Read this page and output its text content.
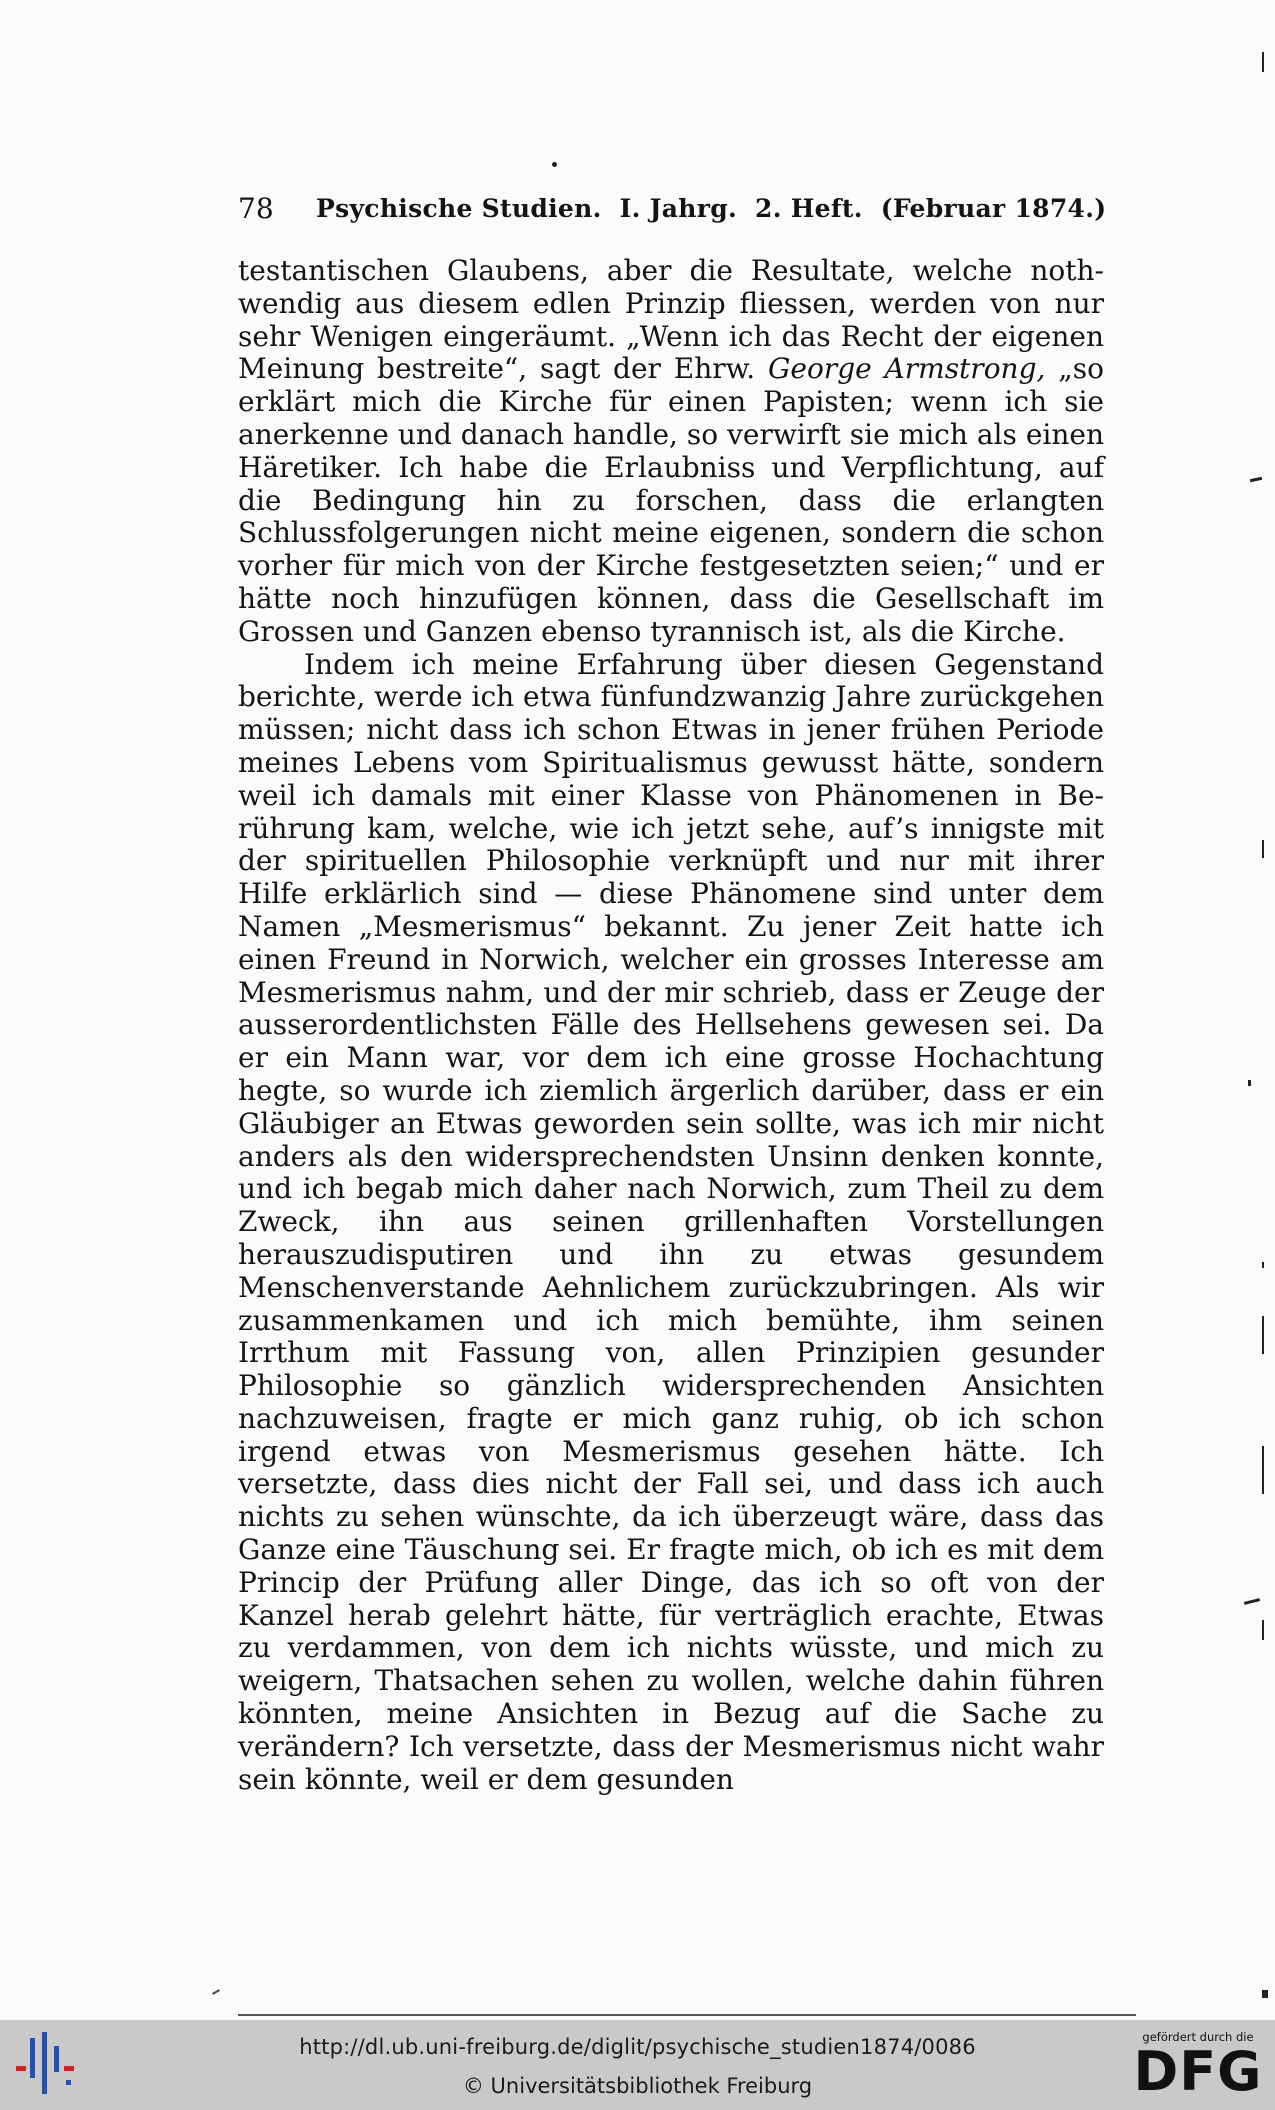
78 Psychische Studien.  I. Jahrg.  2. Heft.  (Februar 1874.)

testantischen Glaubens, aber die Resultate, welche nothwendig aus diesem edlen Prinzip fliessen, werden von nur sehr Wenigen eingeräumt. „Wenn ich das Recht der eigenen Meinung bestreite“, sagt der Ehrw. George Armstrong, „so erklärt mich die Kirche für einen Papisten; wenn ich sie anerkenne und danach handle, so verwirft sie mich als einen Häretiker. Ich habe die Erlaubniss und Verpflichtung, auf die Bedingung hin zu forschen, dass die erlangten Schlussfolgerungen nicht meine eigenen, sondern die schon vorher für mich von der Kirche festgesetzten seien;“ und er hätte noch hinzufügen können, dass die Gesellschaft im Grossen und Ganzen ebenso tyrannisch ist, als die Kirche.

Indem ich meine Erfahrung über diesen Gegenstand berichte, werde ich etwa fünfundzwanzig Jahre zurückgehen müssen; nicht dass ich schon Etwas in jener frühen Periode meines Lebens vom Spiritualismus gewusst hätte, sondern weil ich damals mit einer Klasse von Phänomenen in Berührung kam, welche, wie ich jetzt sehe, auf’s innigste mit der spirituellen Philosophie verknüpft und nur mit ihrer Hilfe erklärlich sind — diese Phänomene sind unter dem Namen „Mesmerismus“ bekannt. Zu jener Zeit hatte ich einen Freund in Norwich, welcher ein grosses Interesse am Mesmerismus nahm, und der mir schrieb, dass er Zeuge der ausserordentlichsten Fälle des Hellsehens gewesen sei. Da er ein Mann war, vor dem ich eine grosse Hochachtung hegte, so wurde ich ziemlich ärgerlich darüber, dass er ein Gläubiger an Etwas geworden sein sollte, was ich mir nicht anders als den widersprechendsten Unsinn denken konnte, und ich begab mich daher nach Norwich, zum Theil zu dem Zweck, ihn aus seinen grillenhaften Vorstellungen herauszudisputiren und ihn zu etwas gesundem Menschenverstande Aehnlichem zurückzubringen. Als wir zusammenkamen und ich mich bemühte, ihm seinen Irrthum mit Fassung von, allen Prinzipien gesunder Philosophie so gänzlich widersprechenden Ansichten nachzuweisen, fragte er mich ganz ruhig, ob ich schon irgend etwas von Mesmerismus gesehen hätte. Ich versetzte, dass dies nicht der Fall sei, und dass ich auch nichts zu sehen wünschte, da ich überzeugt wäre, dass das Ganze eine Täuschung sei. Er fragte mich, ob ich es mit dem Princip der Prüfung aller Dinge, das ich so oft von der Kanzel herab gelehrt hätte, für verträglich erachte, Etwas zu verdammen, von dem ich nichts wüsste, und mich zu weigern, Thatsachen sehen zu wollen, welche dahin führen könnten, meine Ansichten in Bezug auf die Sache zu verändern? Ich versetzte, dass der Mesmerismus nicht wahr sein könnte, weil er dem gesunden

http://dl.ub.uni-freiburg.de/diglit/psychische_studien1874/0086
© Universitätsbibliothek Freiburg
gefördert durch die
DFG
